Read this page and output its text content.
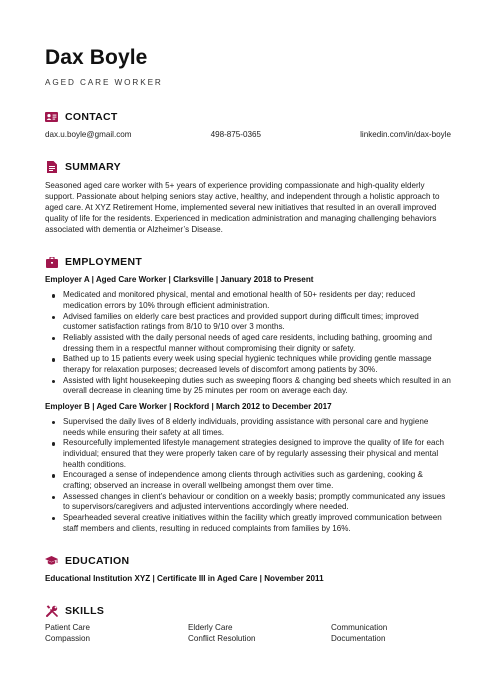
Dax Boyle
AGED CARE WORKER
CONTACT
dax.u.boyle@gmail.com	498-875-0365	linkedin.com/in/dax-boyle
SUMMARY
Seasoned aged care worker with 5+ years of experience providing compassionate and high-quality elderly support. Passionate about helping seniors stay active, healthy, and independent through a holistic approach to aged care. At XYZ Retirement Home, implemented several new initiatives that resulted in an overall improved quality of life for the residents. Experienced in medication administration and managing challenging behaviors associated with dementia or Alzheimer’s Disease.
EMPLOYMENT
Employer A | Aged Care Worker | Clarksville | January 2018 to Present
Medicated and monitored physical, mental and emotional health of 50+ residents per day; reduced medication errors by 10% through efficient administration.
Advised families on elderly care best practices and provided support during difficult times; improved customer satisfaction ratings from 8/10 to 9/10 over 3 months.
Reliably assisted with the daily personal needs of aged care residents, including bathing, grooming and dressing them in a respectful manner without compromising their dignity or safety.
Bathed up to 15 patients every week using special hygienic techniques while providing gentle massage therapy for relaxation purposes; decreased levels of discomfort among patients by 30%.
Assisted with light housekeeping duties such as sweeping floors & changing bed sheets which resulted in an overall decrease in cleaning time by 25 minutes per room on average each day.
Employer B | Aged Care Worker | Rockford | March 2012 to December 2017
Supervised the daily lives of 8 elderly individuals, providing assistance with personal care and hygiene needs while ensuring their safety at all times.
Resourcefully implemented lifestyle management strategies designed to improve the quality of life for each individual; ensured that they were properly taken care of by regularly assessing their physical and mental health conditions.
Encouraged a sense of independence among clients through activities such as gardening, cooking & crafting; observed an increase in overall wellbeing amongst them over time.
Assessed changes in client’s behaviour or condition on a weekly basis; promptly communicated any issues to supervisors/caregivers and adjusted interventions accordingly where needed.
Spearheaded several creative initiatives within the facility which greatly improved communication between staff members and clients, resulting in reduced complaints from families by 16%.
EDUCATION
Educational Institution XYZ | Certificate III in Aged Care | November 2011
SKILLS
Patient Care	Elderly Care	Communication
Compassion	Conflict Resolution	Documentation
